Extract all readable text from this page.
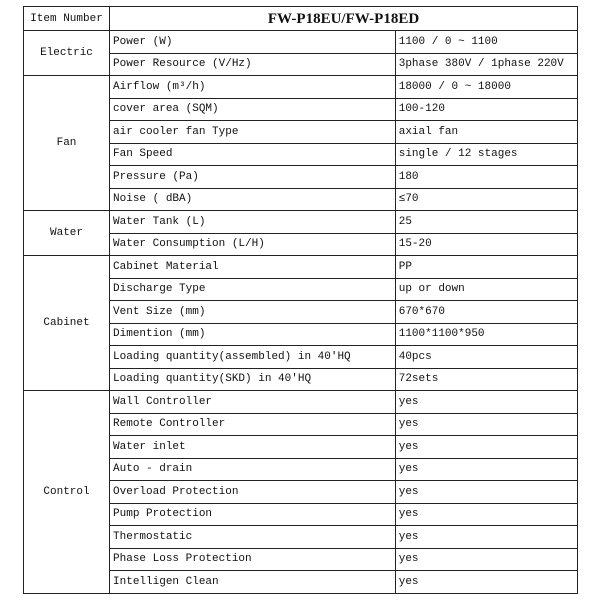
Item Number	FW-P18EU/FW-P18ED	
Electric	Power (W)	1100 / 0 ~ 1100
	Power Resource (V/Hz)	3phase 380V / 1phase 220V
Fan	Airflow (m³/h)	18000 / 0 ~ 18000
	cover area (SQM)	100-120
	air cooler fan Type	axial fan
	Fan Speed	single / 12 stages
	Pressure (Pa)	180
	Noise ( dBA)	≤70
Water	Water Tank (L)	25
	Water Consumption (L/H)	15-20
Cabinet	Cabinet Material	PP
	Discharge Type	up or down
	Vent Size (mm)	670*670
	Dimention (mm)	1100*1100*950
	Loading quantity(assembled) in 40'HQ	40pcs
	Loading quantity(SKD) in 40'HQ	72sets
Control	Wall Controller	yes
	Remote Controller	yes
	Water inlet	yes
	Auto - drain	yes
	Overload Protection	yes
	Pump Protection	yes
	Thermostatic	yes
	Phase Loss Protection	yes
	Intelligen Clean	yes
